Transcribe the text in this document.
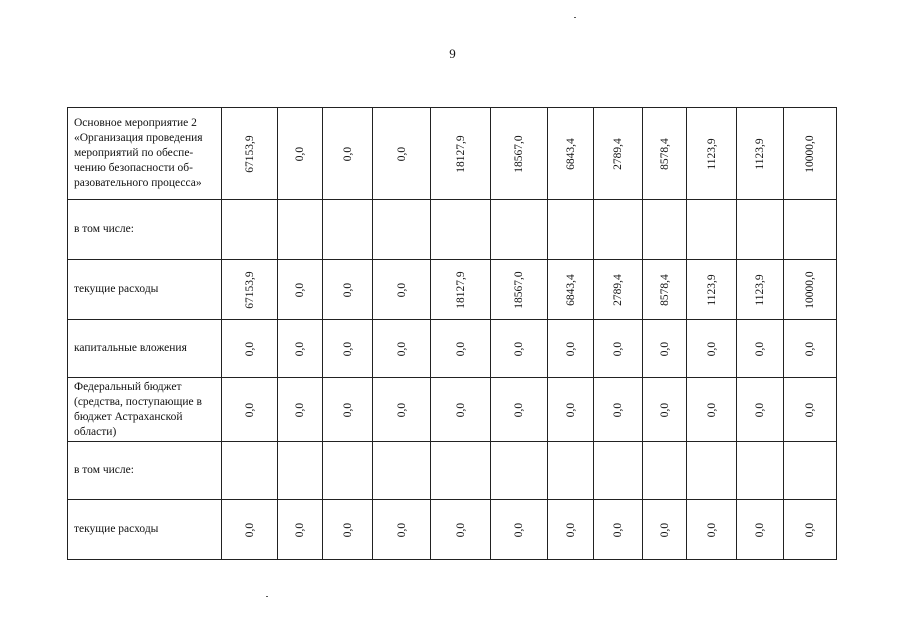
9
Основное мероприятие 2 «Организация проведения мероприятий по обеспе-чению безопасности об-разовательного процесса»	67153,9	0,0	0,0	0,0	18127,9	18567,0	6843,4	2789,4	8578,4	1123,9	1123,9	10000,0

в том числе:	

текущие расходы	67153,9	0,0	0,0	0,0	18127,9	18567,0	6843,4	2789,4	8578,4	1123,9	1123,9	10000,0

капитальные вложения	0,0	0,0	0,0	0,0	0,0	0,0	0,0	0,0	0,0	0,0	0,0	0,0

Федеральный бюджет (средства, поступающие в бюджет Астраханской области)	0,0	0,0	0,0	0,0	0,0	0,0	0,0	0,0	0,0	0,0	0,0	0,0

в том числе:	

текущие расходы	0,0	0,0	0,0	0,0	0,0	0,0	0,0	0,0	0,0	0,0	0,0	0,0
